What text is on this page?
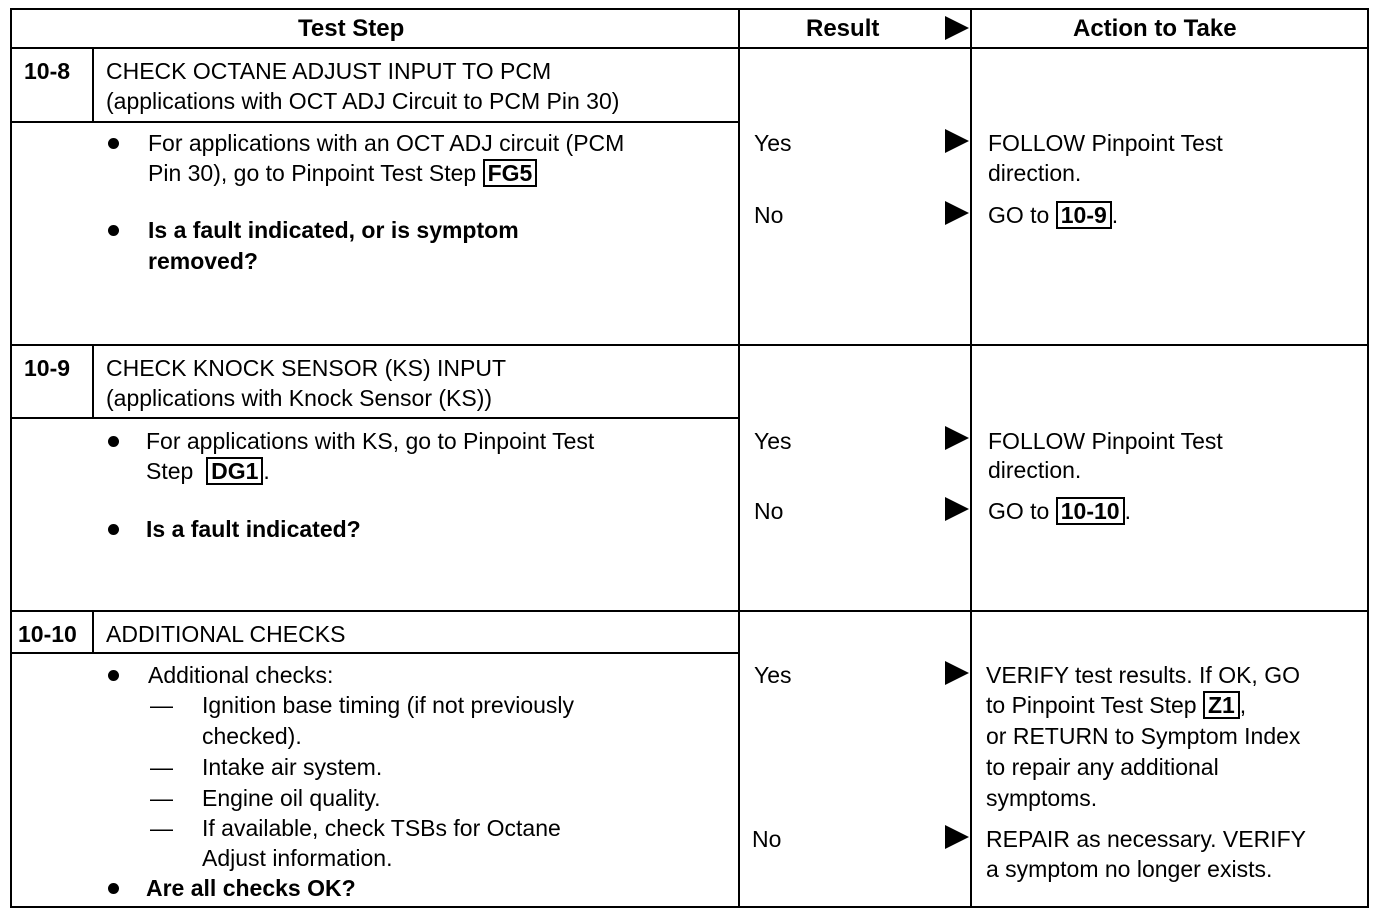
Test Step	Result	Action to Take
10-8 CHECK OCTANE ADJUST INPUT TO PCM
(applications with OCT ADJ Circuit to PCM Pin 30)
For applications with an OCT ADJ circuit (PCM
Pin 30), go to Pinpoint Test Step FG5
Is a fault indicated, or is symptom
removed?
Yes
No
FOLLOW Pinpoint Test
direction.
GO to 10-9 .
10-9 CHECK KNOCK SENSOR (KS) INPUT
(applications with Knock Sensor (KS))
For applications with KS, go to Pinpoint Test
Step DG1 .
Is a fault indicated?
Yes
No
FOLLOW Pinpoint Test
direction.
GO to 10-10 .
10-10 ADDITIONAL CHECKS
Additional checks:
— Ignition base timing (if not previously
checked).
— Intake air system.
— Engine oil quality.
— If available, check TSBs for Octane
Adjust information.
Are all checks OK?
Yes
No
VERIFY test results. If OK, GO
to Pinpoint Test Step Z1 ,
or RETURN to Symptom Index
to repair any additional
symptoms.
REPAIR as necessary. VERIFY
a symptom no longer exists.
